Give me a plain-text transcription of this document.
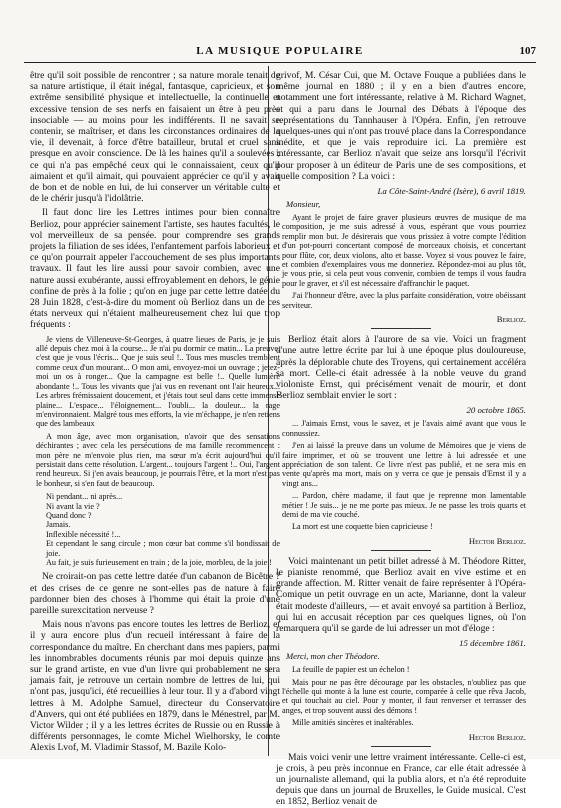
LA MUSIQUE POPULAIRE	107

être qu'il soit possible de rencontrer ; sa nature morale tenait de sa nature artistique, il était inégal, fantasque, capricieux, et son extrême sensibilité physique et intellectuelle, la continuelle et excessive tension de ses nerfs en faisaient un être à peu près insociable — au moins pour les indifférents. Il ne savait se contenir, se maîtriser, et dans les circonstances ordinaires de la vie, il devenait, à force d'être batailleur, brutal et cruel sans presque en avoir conscience. De là les haines qu'il a soulevées ; ce qui n'a pas empêché ceux qui le connaissaient, ceux qu'il aimaient et qu'il aimait, qui pouvaient apprécier ce qu'il y avait de bon et de noble en lui, de lui conserver un véritable culte et de le chérir jusqu'à l'idolâtrie.

Il faut donc lire les Lettres intimes pour bien connaître Berlioz, pour apprécier sainement l'artiste, ses hautes facultés, le vol merveilleux de sa pensée. pour comprendre ses grands projets la filiation de ses idées, l'enfantement parfois laborieux et ce qu'on pourrait appeler l'accouchement de ses plus importants travaux. Il faut les lire aussi pour savoir combien, avec une nature aussi exubérante, aussi effroyablement en dehors, le génie confine de près à la folie ; qu'on en juge par cette lettre datée du 28 Juin 1828, c'est-à-dire du moment où Berlioz dans un de ces états nerveux qui n'étaient malheureusement chez lui que trop fréquents :

Je viens de Villeneuve-St-Georges, à quatre lieues de Paris, je je suis allé depuis chez moi à la course... Je n'ai pu dormir ce matin... La preuve, c'est que je vous l'écris... Que je suis seul !.. Tous mes muscles tremblent comme ceux d'un mourant... O mon ami, envoyez-moi un ouvrage ; jetez-moi un os à ronger... Que la campagne est belle !.. Quelle lumière abondante !.. Tous les vivants que j'ai vus en revenant ont l'air heureux... Les arbres frémissaient doucement, et j'étais tout seul dans cette immense plaine... L'espace... l'éloignement... l'oubli... la douleur... la rage m'environnaient. Malgré tous mes efforts, la vie m'échappe, je n'en retiens que des lambeaux

A mon âge, avec mon organisation, n'avoir que des sensations déchirantes ; avec cela les persécutions de ma famille recommencent : mon père ne m'envoie plus rien, ma sœur m'a écrit aujourd'hui qu'il persistait dans cette résolution. L'argent... toujours l'argent !.. Oui, l'argent rend heureux. Si j'en avais beaucoup, je pourrais l'être, et la mort n'est pas le bonheur, si s'en faut de beaucoup.

Ni pendant... ni après...

Ni avant la vie ?

Quand donc ?

Jamais.

Inflexible nécessité !...

Et cependant le sang circule ; mon cœur bat comme s'il bondissait de joie.

Au fait, je suis furieusement en train ; de la joie, morbleu, de la joie !

Ne croirait-on pas cette lettre datée d'un cabanon de Bicêtre ? et des crises de ce genre ne sont-elles pas de nature à faire pardonner bien des choses à l'homme qui était la proie d'une pareille surexcitation nerveuse ?

Mais nous n'avons pas encore toutes les lettres de Berlioz, et il y aura encore plus d'un recueil intéressant à faire de la correspondance du maître. En cherchant dans mes papiers, parmi les innombrables documents réunis par moi depuis quinze ans sur le grand artiste, en vue d'un livre qui probablement ne sera jamais fait, je retrouve un certain nombre de lettres de lui, qui n'ont pas, jusqu'ici, été recueillies à leur tour. Il y a d'abord vingt lettres à M. Adolphe Samuel, directeur du Conservatoire d'Anvers, qui ont été publiées en 1879, dans le Ménestrel, par M. Victor Wilder ; il y a les lettres écrites de Russie ou en Russie à différents personnages, le comte Michel Wielhorsky, le comte Alexis Lvof, M. Vladimir Stassof, M. Bazile Kolo-

grivof, M. César Cui, que M. Octave Fouque a publiées dans le même journal en 1880 ; il y en a bien d'autres encore, notamment une fort intéressante, relative à M. Richard Wagnet, et qui a paru dans le Journal des Débats à l'époque des représentations du Tannhauser à l'Opéra. Enfin, j'en retrouve quelques-unes qui n'ont pas trouvé place dans la Correspondance inédite, et que je vais reproduire ici. La première est intéressante, car Berlioz n'avait que seize ans lorsqu'il l'écrivit pour proposer à un éditeur de Paris une de ses compositions, et quelle composition ? La voici :

La Côte-Saint-André (Isère), 6 avril 1819.
Monsieur,

Ayant le projet de faire graver plusieurs œuvres de musique de ma composition, je me suis adressé à vous, espérant que vous pourriez remplir mon but. Je désirerais que vous prissiez à votre compte l'édition d'un pot-pourri concertant composé de morceaux choisis, et concertant pour flûte, cor, deux violons, alto et basse. Voyez si vous pouvez le faire, et combien d'exemplaires vous me donneriez. Répondez-moi au plus tôt, je vous prie, si cela peut vous convenir, combien de temps il vous faudra pour le graver, et s'il est nécessaire d'affranchir le paquet.

J'ai l'honneur d'être, avec la plus parfaite considération, votre obéissant serviteur.

Berlioz.

Berlioz était alors à l'aurore de sa vie. Voici un fragment d'une autre lettre écrite par lui à une époque plus douloureuse, après la déplorable chute des Troyens, qui certainement accéléra sa mort. Celle-ci était adressée à la noble veuve du grand violoniste Ernst, qui précisément venait de mourir, et dont Berlioz semblait envier le sort :

20 octobre 1865.

... J'aimais Ernst, vous le savez, et je l'avais aimé avant que vous le connussiez.

J'en ai laissé la preuve dans un volume de Mémoires que je viens de faire imprimer, et où se trouvent une lettre à lui adressée et une appréciation de son talent. Ce livre n'est pas publié, et ne sera mis en vente qu'après ma mort, mais on y verra ce que je pensais d'Ernst il y a vingt ans...

... Pardon, chère madame, il faut que je reprenne mon lamentable métier ! Je suis... je ne me porte pas mieux. Je ne passe les trois quarts et demi de ma vie couché.

La mort est une coquette bien capricieuse !

Hector Berlioz.

Voici maintenant un petit billet adressé à M. Théodore Ritter, le pianiste renommé, que Berlioz avait en vive estime et en grande affection. M. Ritter venait de faire représenter à l'Opéra-Comique un petit ouvrage en un acte, Marianne, dont la valeur était modeste d'ailleurs, — et avait envoyé sa partition à Berlioz, qui lui en accusait réception par ces quelques lignes, où l'on remarquera qu'il se garde de lui adresser un mot d'éloge :

15 décembre 1861.
Merci, mon cher Théodore.

La feuille de papier est un échelon !

Mais pour ne pas être décourage par les obstacles, n'oubliez pas que l'échelle qui monte à la lune est courte, comparée à celle que rêva Jacob, et qui touchait au ciel. Pour y monter, il faut renverser et terrasser des anges, et trop souvent aussi des démons !

Mille amitiés sincères et inaltérables.

Hector Berlioz.

Mais voici venir une lettre vraiment intéressante. Celle-ci est, je crois, à peu près inconnue en France, car elle était adressée à un journaliste allemand, qui la publia alors, et n'a été reproduite depuis que dans un journal de Bruxelles, le Guide musical. C'est en 1852, Berlioz venait de
